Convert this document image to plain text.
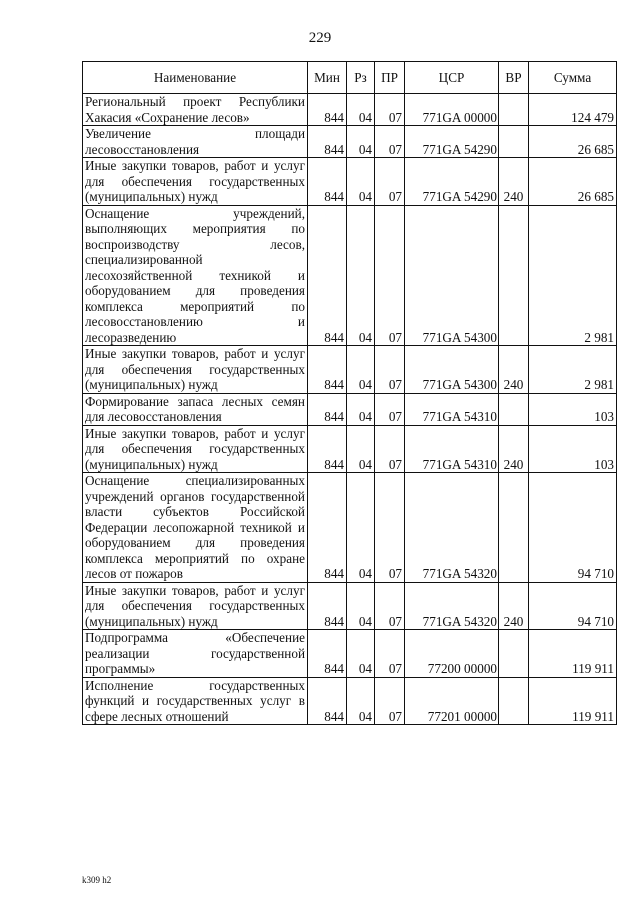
229
Наименование	Мин	Рз	ПР	ЦСР	ВР	Сумма
Региональный проект Республики Хакасия «Сохранение лесов»	844	04	07	771GA 00000		124 479
Увеличение площади лесовосстановления	844	04	07	771GA 54290		26 685
Иные закупки товаров, работ и услуг для обеспечения государственных (муниципальных) нужд	844	04	07	771GA 54290	240	26 685
Оснащение учреждений, выполняющих мероприятия по воспроизводству лесов, специализированной лесохозяйственной техникой и оборудованием для проведения комплекса мероприятий по лесовосстановлению и лесоразведению	844	04	07	771GA 54300		2 981
Иные закупки товаров, работ и услуг для обеспечения государственных (муниципальных) нужд	844	04	07	771GA 54300	240	2 981
Формирование запаса лесных семян для лесовосстановления	844	04	07	771GA 54310		103
Иные закупки товаров, работ и услуг для обеспечения государственных (муниципальных) нужд	844	04	07	771GA 54310	240	103
Оснащение специализированных учреждений органов государственной власти субъектов Российской Федерации лесопожарной техникой и оборудованием для проведения комплекса мероприятий по охране лесов от пожаров	844	04	07	771GA 54320		94 710
Иные закупки товаров, работ и услуг для обеспечения государственных (муниципальных) нужд	844	04	07	771GA 54320	240	94 710
Подпрограмма «Обеспечение реализации государственной программы»	844	04	07	77200 00000		119 911
Исполнение государственных функций и государственных услуг в сфере лесных отношений	844	04	07	77201 00000		119 911
k309 h2
